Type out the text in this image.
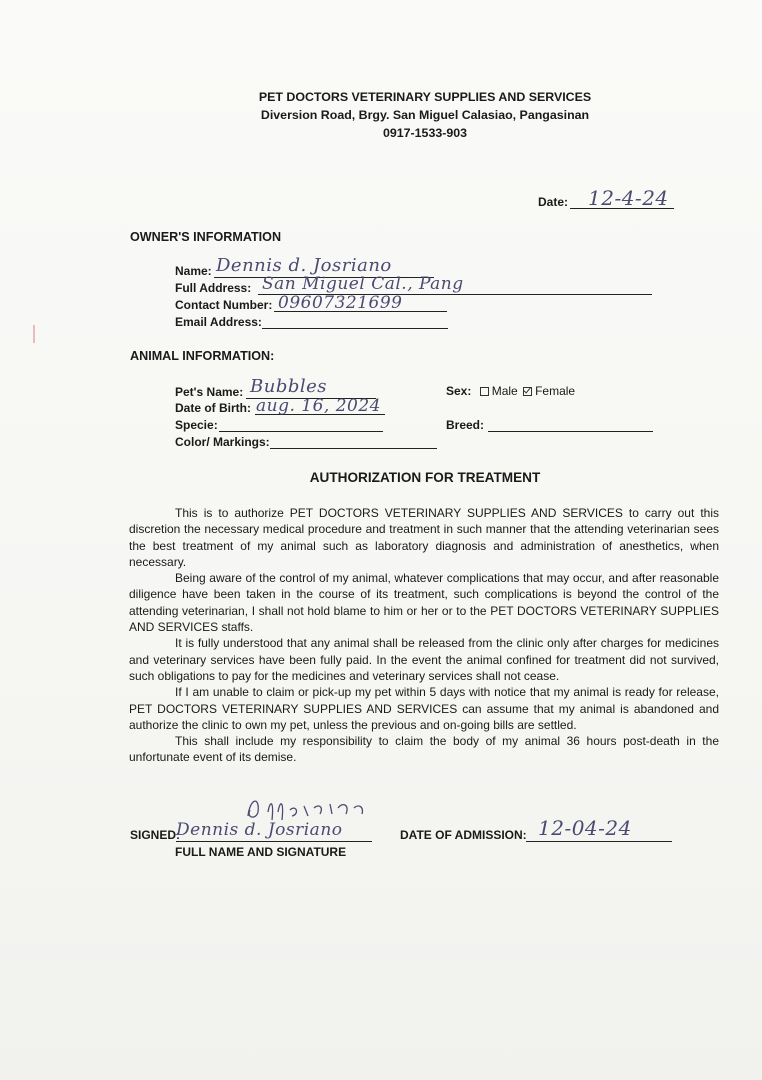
PET DOCTORS VETERINARY SUPPLIES AND SERVICES
Diversion Road, Brgy. San Miguel Calasiao, Pangasinan
0917-1533-903
Date: 12-4-24
OWNER'S INFORMATION
Name: Dennis d. Josriano
Full Address: San Miguel Cal., Pang
Contact Number: 09607321699
Email Address:
ANIMAL INFORMATION:
Pet's Name: Bubbles
Date of Birth: aug. 16, 2024
Specie:
Color/ Markings:
Sex: Male Female
Breed:
AUTHORIZATION FOR TREATMENT

This is to authorize PET DOCTORS VETERINARY SUPPLIES AND SERVICES to carry out this discretion the necessary medical procedure and treatment in such manner that the attending veterinarian sees the best treatment of my animal such as laboratory diagnosis and administration of anesthetics, when necessary.

Being aware of the control of my animal, whatever complications that may occur, and after reasonable diligence have been taken in the course of its treatment, such complications is beyond the control of the attending veterinarian, I shall not hold blame to him or her or to the PET DOCTORS VETERINARY SUPPLIES AND SERVICES staffs.

It is fully understood that any animal shall be released from the clinic only after charges for medicines and veterinary services have been fully paid. In the event the animal confined for treatment did not survived, such obligations to pay for the medicines and veterinary services shall not cease.

If I am unable to claim or pick-up my pet within 5 days with notice that my animal is ready for release, PET DOCTORS VETERINARY SUPPLIES AND SERVICES can assume that my animal is abandoned and authorize the clinic to own my pet, unless the previous and on-going bills are settled.

This shall include my responsibility to claim the body of my animal 36 hours post-death in the unfortunate event of its demise.

SIGNED:
Dennis d. Josriano
FULL NAME AND SIGNATURE
DATE OF ADMISSION: 12-04-24
